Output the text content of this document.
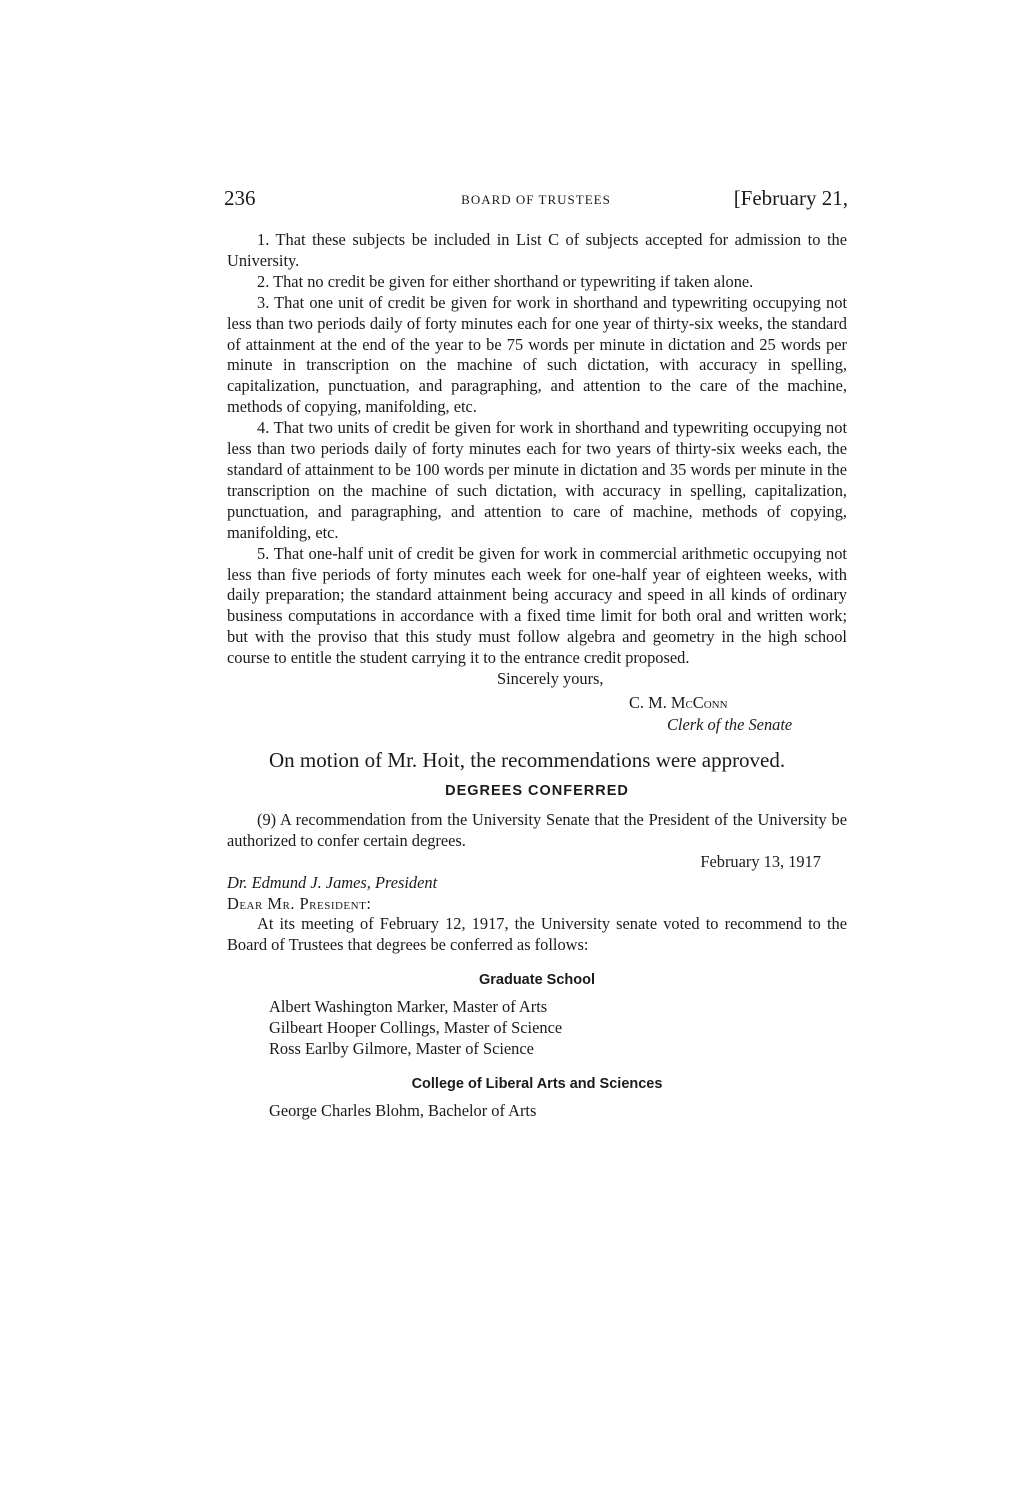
236	BOARD OF TRUSTEES	[February 21,

1. That these subjects be included in List C of subjects accepted for admission to the University.

2. That no credit be given for either shorthand or typewriting if taken alone.

3. That one unit of credit be given for work in shorthand and typewriting occupying not less than two periods daily of forty minutes each for one year of thirty-six weeks, the standard of attainment at the end of the year to be 75 words per minute in dictation and 25 words per minute in transcription on the machine of such dictation, with accuracy in spelling, capitalization, punctuation, and paragraphing, and attention to the care of the machine, methods of copying, manifolding, etc.

4. That two units of credit be given for work in shorthand and typewriting occupying not less than two periods daily of forty minutes each for two years of thirty-six weeks each, the standard of attainment to be 100 words per minute in dictation and 35 words per minute in the transcription on the machine of such dictation, with accuracy in spelling, capitalization, punctuation, and paragraphing, and attention to care of machine, methods of copying, manifolding, etc.

5. That one-half unit of credit be given for work in commercial arithmetic occupying not less than five periods of forty minutes each week for one-half year of eighteen weeks, with daily preparation; the standard attainment being accuracy and speed in all kinds of ordinary business computations in accordance with a fixed time limit for both oral and written work; but with the proviso that this study must follow algebra and geometry in the high school course to entitle the student carrying it to the entrance credit proposed.

Sincerely yours,
C. M. McConn
Clerk of the Senate

On motion of Mr. Hoit, the recommendations were approved.

DEGREES CONFERRED

(9) A recommendation from the University Senate that the President of the University be authorized to confer certain degrees.

February 13, 1917

Dr. Edmund J. James, President

Dear Mr. President:

At its meeting of February 12, 1917, the University senate voted to recommend to the Board of Trustees that degrees be conferred as follows:

Graduate School

Albert Washington Marker, Master of Arts
Gilbeart Hooper Collings, Master of Science
Ross Earlby Gilmore, Master of Science

College of Liberal Arts and Sciences

George Charles Blohm, Bachelor of Arts
